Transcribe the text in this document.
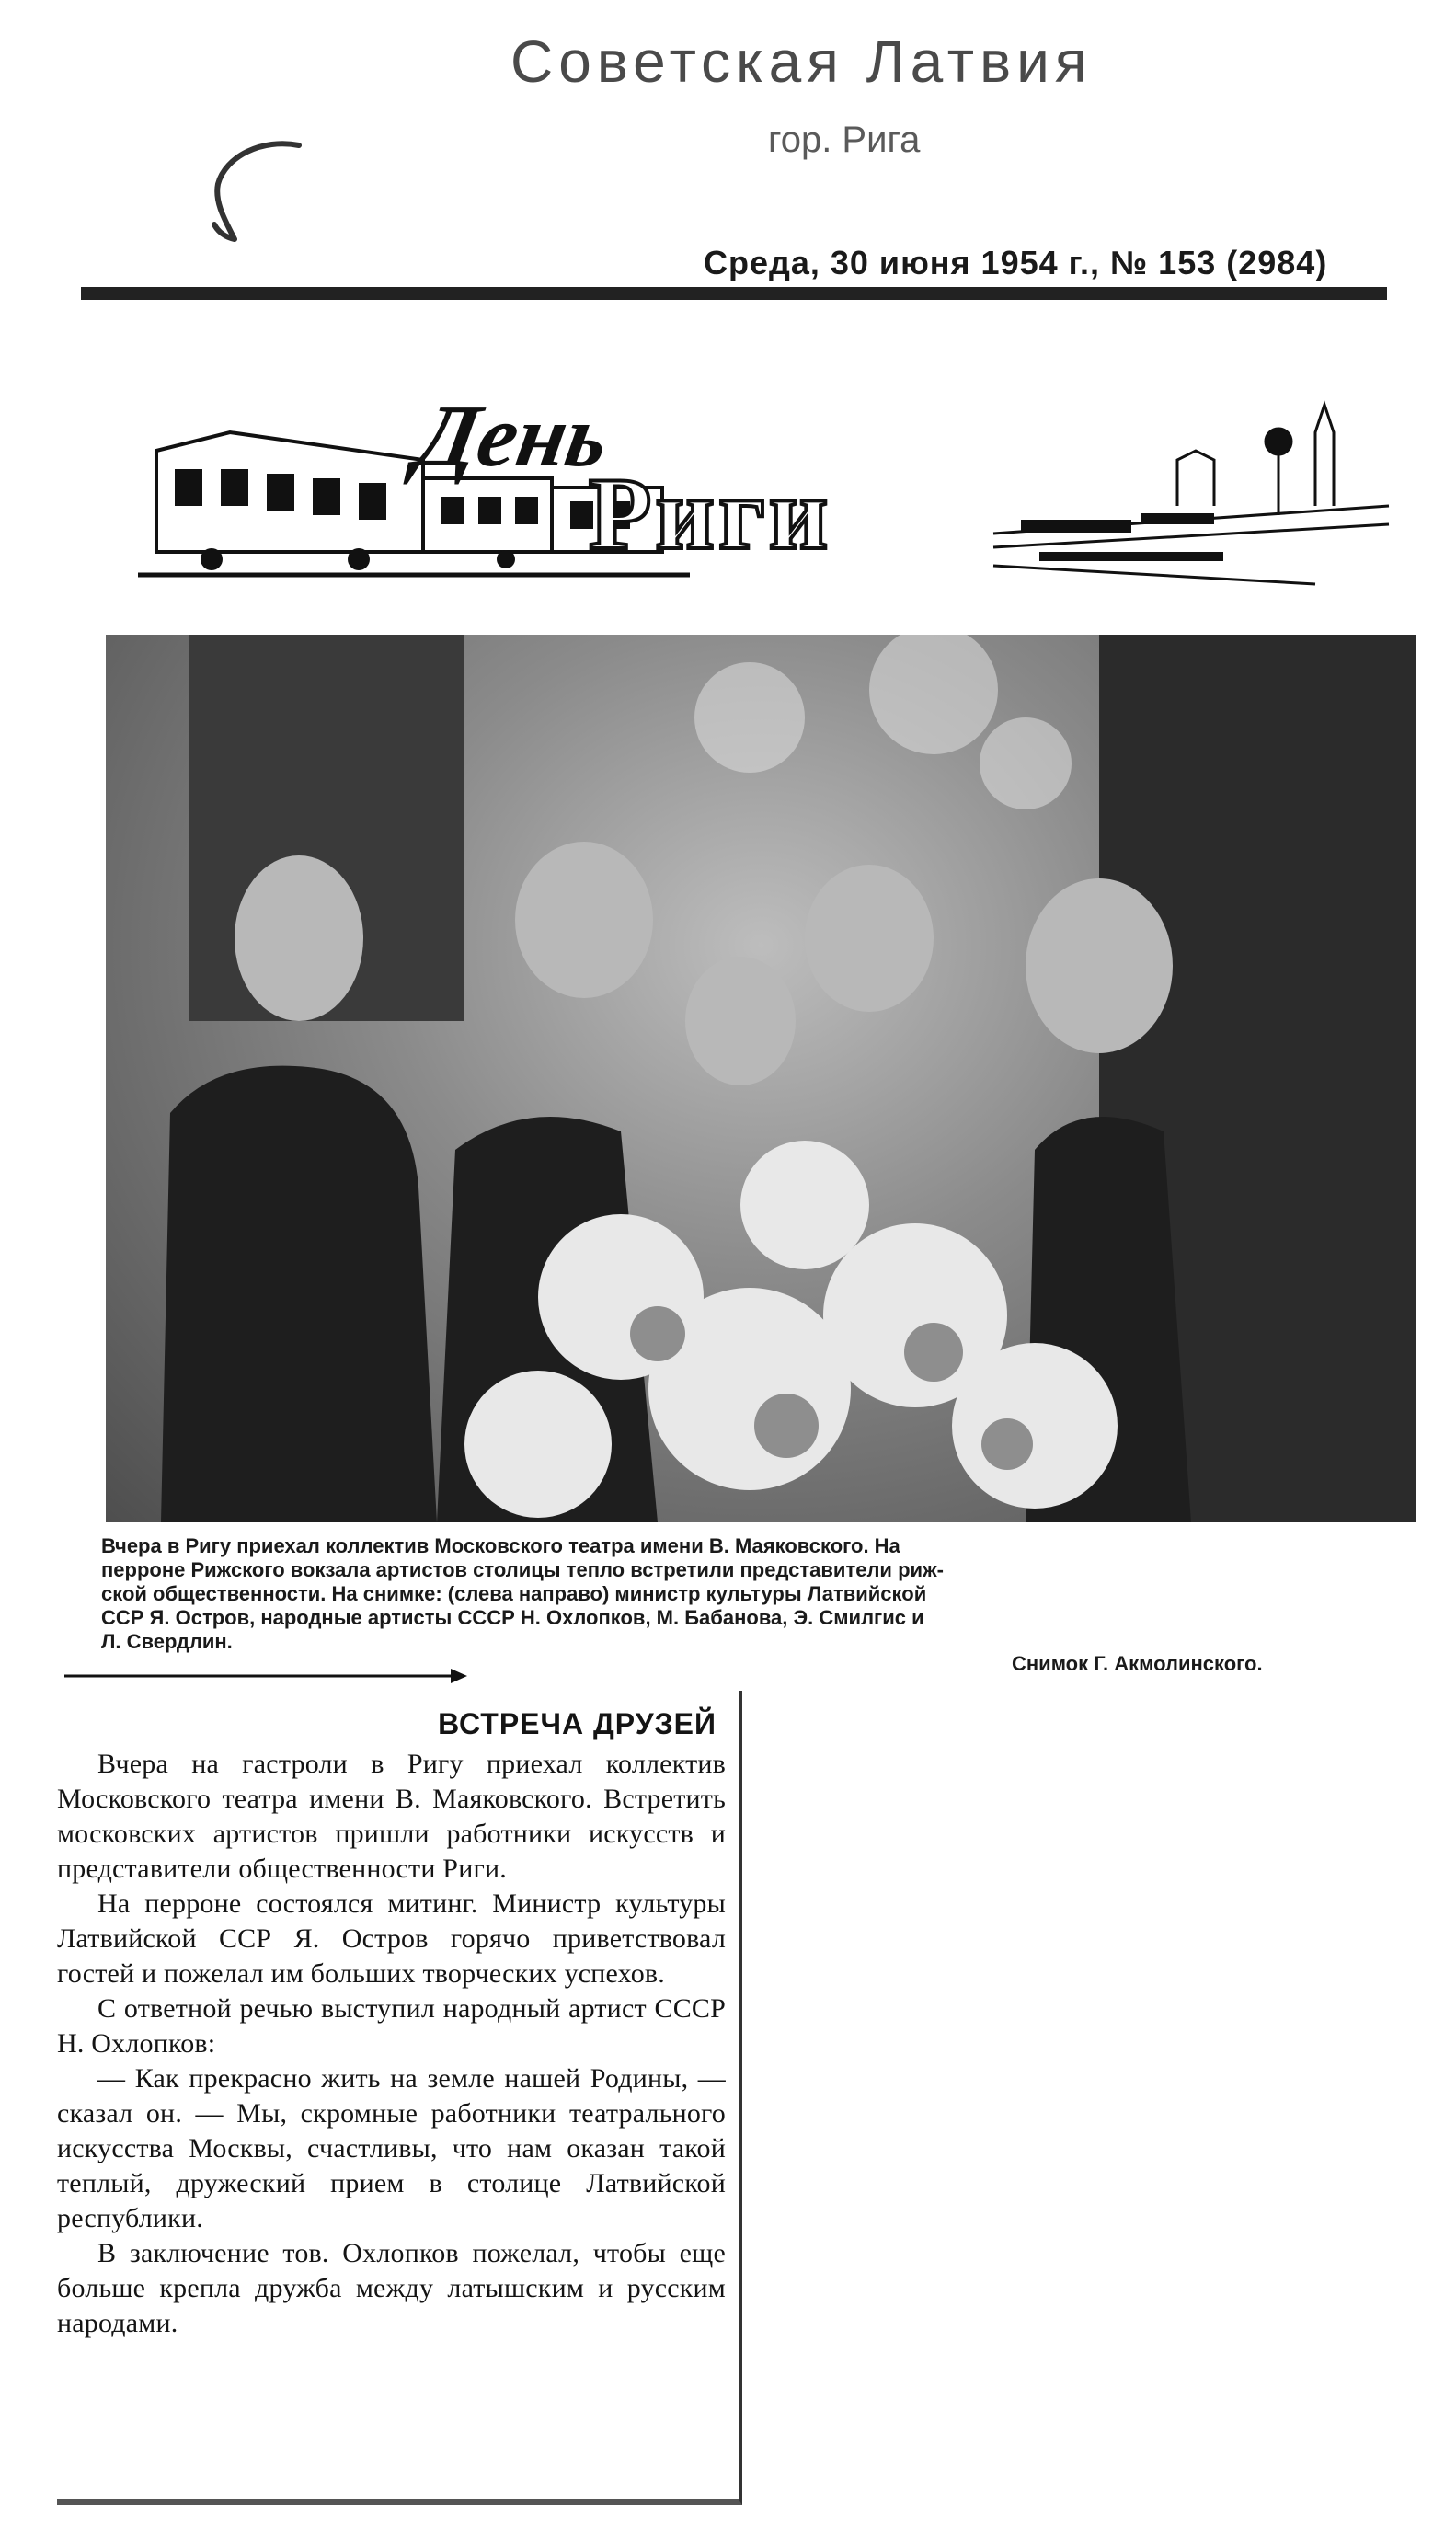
Советская Латвия
гор. Рига
Среда, 30 июня 1954 г., № 153 (2984)
День
Риги
Вчера в Ригу приехал коллектив Московского театра имени В. Маяковского. На
перроне Рижского вокзала артистов столицы тепло встретили представители риж-
ской общественности. На снимке: (слева направо) министр культуры Латвийской
ССР Я. Остров, народные артисты СССР Н. Охлопков, М. Бабанова, Э. Смилгис и
Л. Свердлин.
Снимок Г. Акмолинского.
ВСТРЕЧА ДРУЗЕЙ

Вчера на гастроли в Ригу приехал коллектив Московского театра имени В. Маяковского. Встретить московских артистов пришли работники искусств и представители общественности Риги.

На перроне состоялся митинг. Министр культуры Латвийской ССР Я. Остров горячо приветствовал гостей и пожелал им больших творческих успехов.

С ответной речью выступил народный артист СССР Н. Охлопков:

— Как прекрасно жить на земле нашей Родины, — сказал он. — Мы, скромные работники театрального искусства Москвы, счастливы, что нам оказан такой теплый, дружеский прием в столице Латвийской республики.

В заключение тов. Охлопков пожелал, чтобы еще больше крепла дружба между латышским и русским народами.
